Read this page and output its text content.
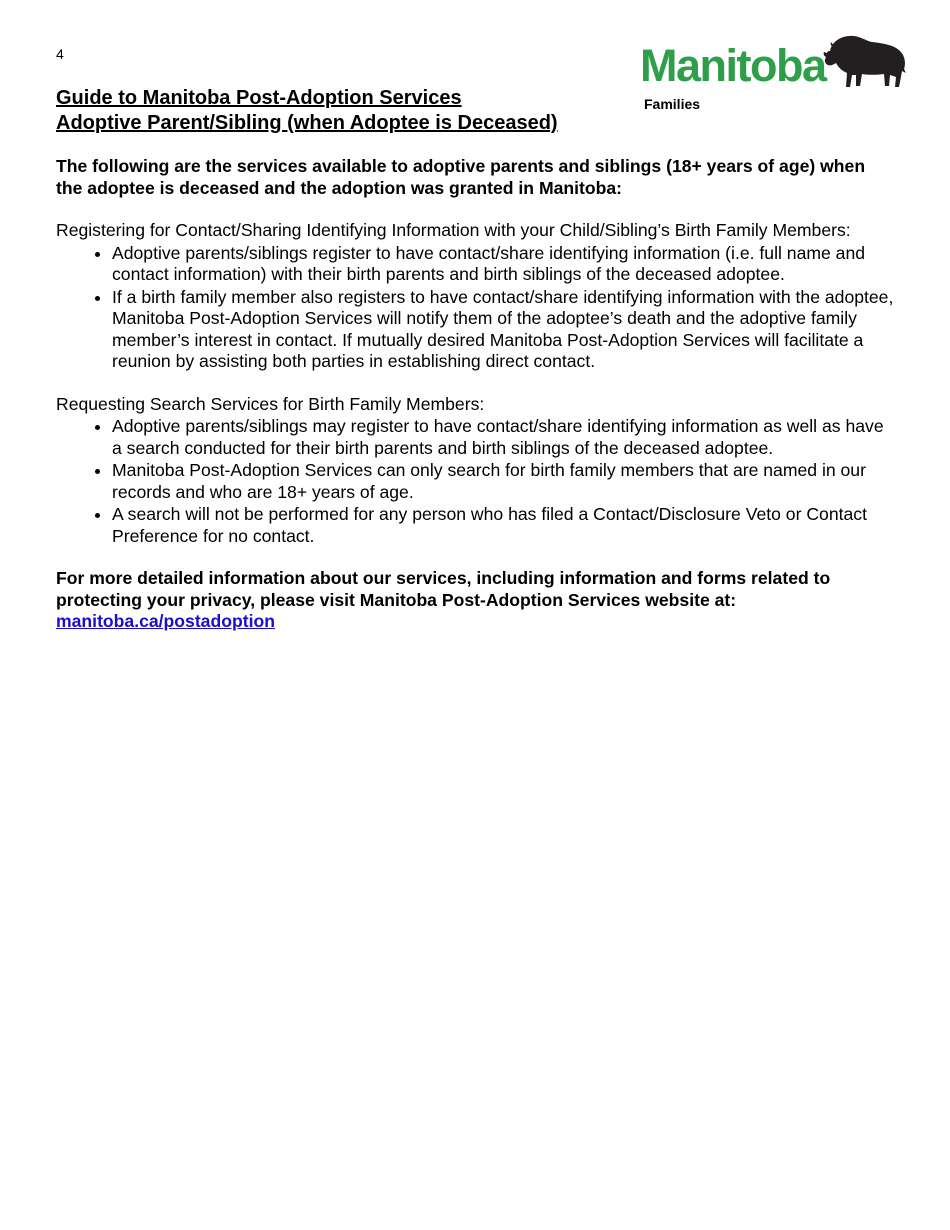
4	Manitoba
Families
Guide to Manitoba Post-Adoption Services
Adoptive Parent/Sibling (when Adoptee is Deceased)

The following are the services available to adoptive parents and siblings (18+ years of age) when the adoptee is deceased and the adoption was granted in Manitoba:

Registering for Contact/Sharing Identifying Information with your Child/Sibling’s Birth Family Members:

• Adoptive parents/siblings register to have contact/share identifying information (i.e. full name and contact information) with their birth parents and birth siblings of the deceased adoptee.
• If a birth family member also registers to have contact/share identifying information with the adoptee, Manitoba Post-Adoption Services will notify them of the adoptee’s death and the adoptive family member’s interest in contact. If mutually desired Manitoba Post-Adoption Services will facilitate a reunion by assisting both parties in establishing direct contact.

Requesting Search Services for Birth Family Members:

• Adoptive parents/siblings may register to have contact/share identifying information as well as have a search conducted for their birth parents and birth siblings of the deceased adoptee.
• Manitoba Post-Adoption Services can only search for birth family members that are named in our records and who are 18+ years of age.
• A search will not be performed for any person who has filed a Contact/Disclosure Veto or Contact Preference for no contact.

For more detailed information about our services, including information and forms related to protecting your privacy, please visit Manitoba Post-Adoption Services website at:

manitoba.ca/postadoption
